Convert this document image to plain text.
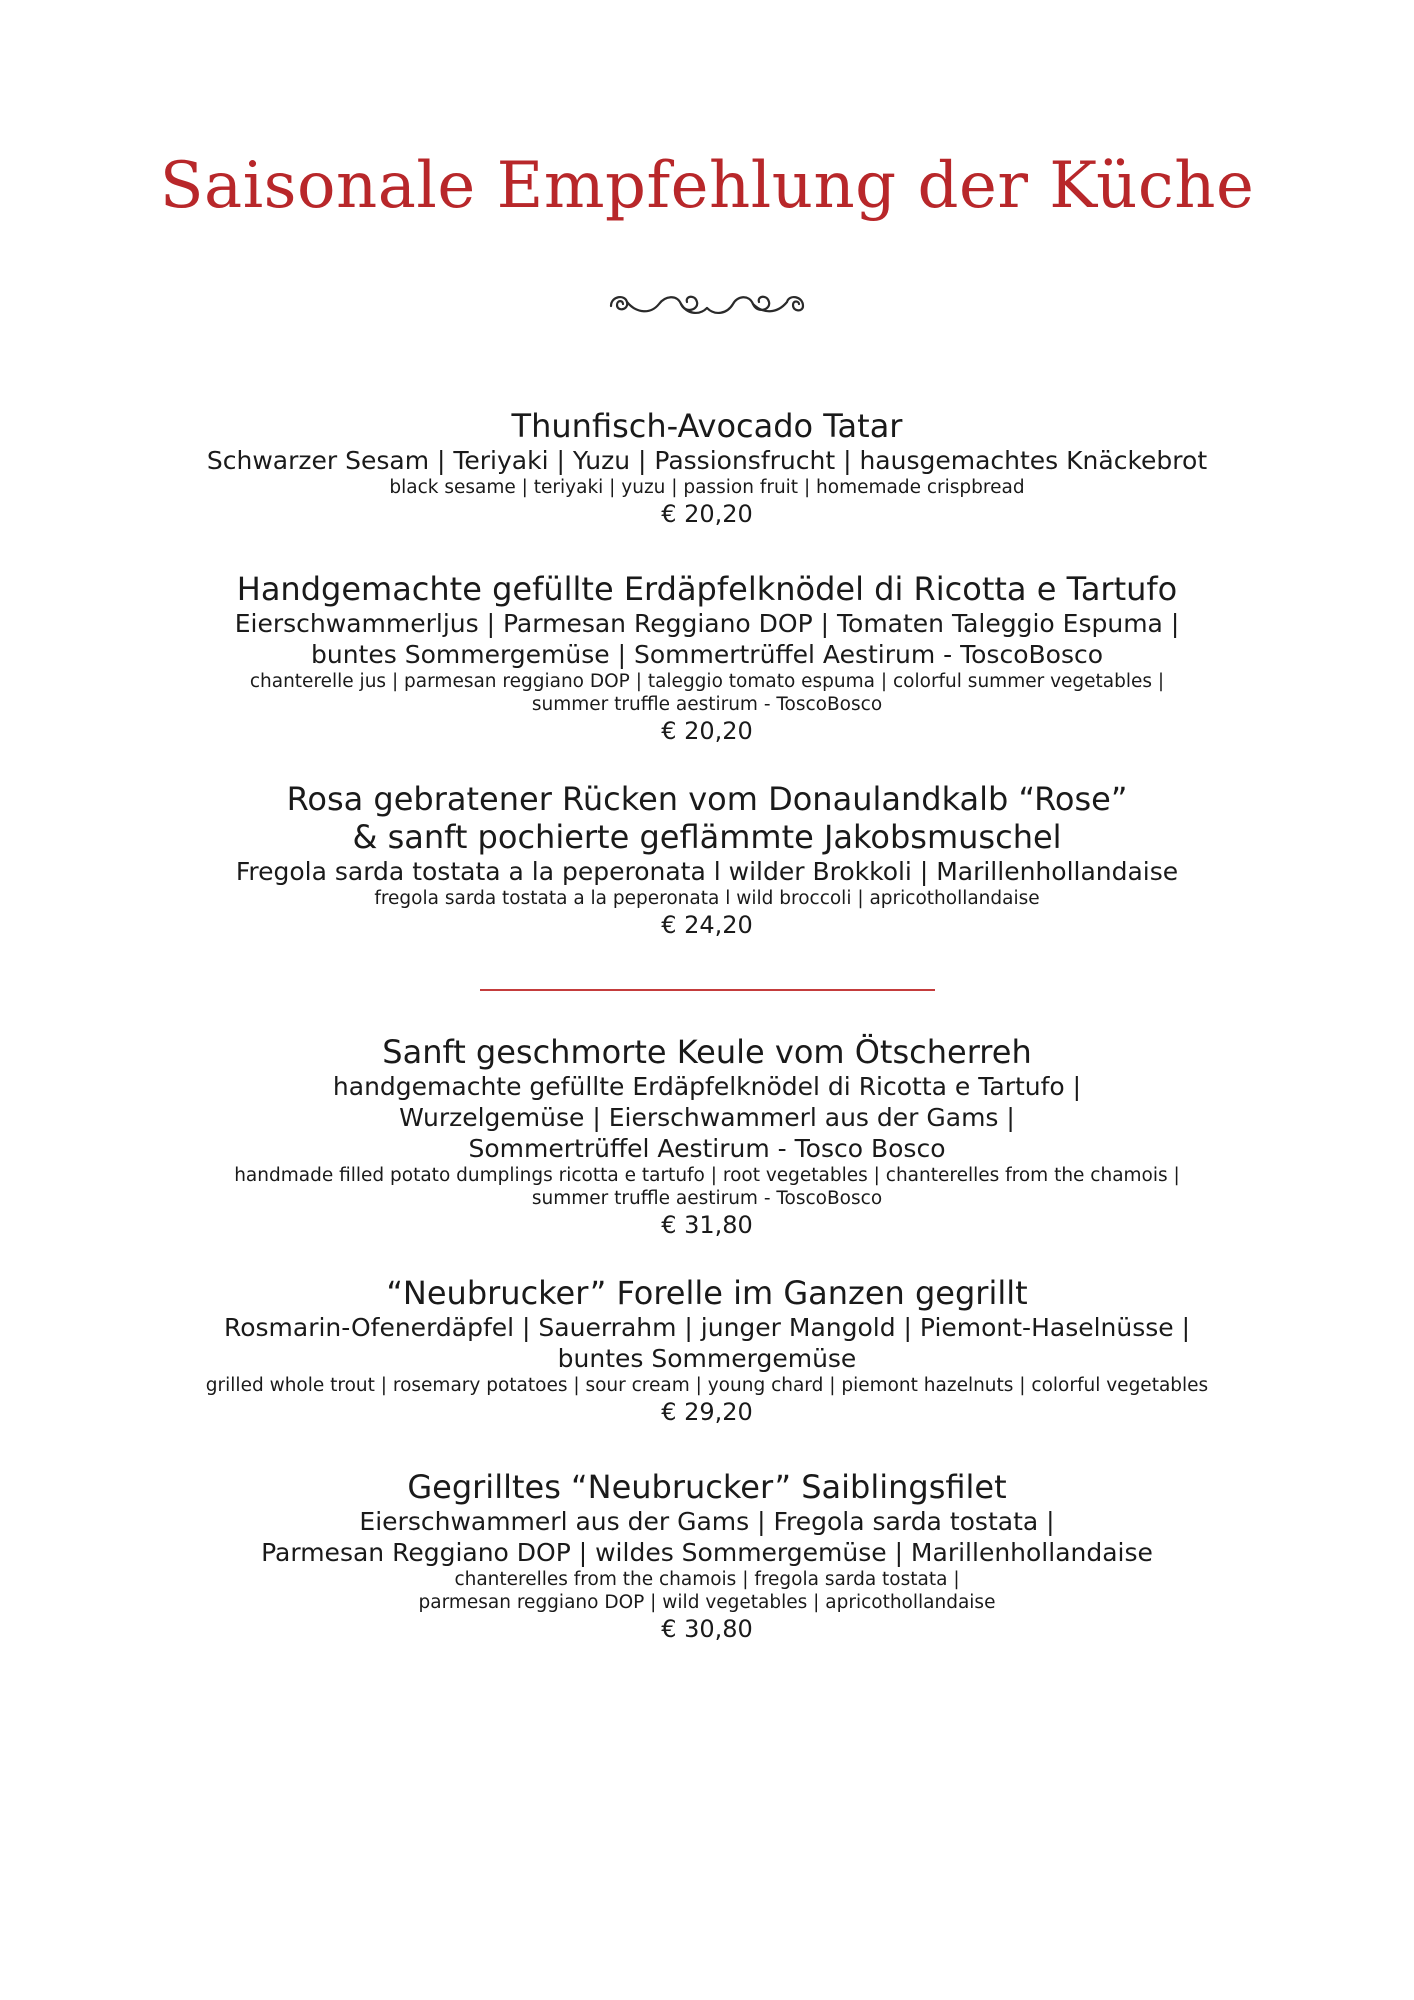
Saisonale Empfehlung der Küche
Thunfisch-Avocado Tatar
Schwarzer Sesam | Teriyaki | Yuzu | Passionsfrucht | hausgemachtes Knäckebrot
black sesame | teriyaki | yuzu | passion fruit | homemade crispbread
€ 20,20
Handgemachte gefüllte Erdäpfelknödel di Ricotta e Tartufo
Eierschwammerljus | Parmesan Reggiano DOP | Tomaten Taleggio Espuma |
buntes Sommergemüse | Sommertrüffel Aestirum - ToscoBosco
chanterelle jus | parmesan reggiano DOP | taleggio tomato espuma | colorful summer vegetables |
summer truffle aestirum - ToscoBosco
€ 20,20
Rosa gebratener Rücken vom Donaulandkalb “Rose”
& sanft pochierte geflämmte Jakobsmuschel
Fregola sarda tostata a la peperonata l wilder Brokkoli | Marillenhollandaise
fregola sarda tostata a la peperonata l wild broccoli | apricothollandaise
€ 24,20
Sanft geschmorte Keule vom Ötscherreh
handgemachte gefüllte Erdäpfelknödel di Ricotta e Tartufo |
Wurzelgemüse | Eierschwammerl aus der Gams |
Sommertrüffel Aestirum - Tosco Bosco
handmade filled potato dumplings ricotta e tartufo | root vegetables | chanterelles from the chamois |
summer truffle aestirum - ToscoBosco
€ 31,80
“Neubrucker” Forelle im Ganzen gegrillt
Rosmarin-Ofenerdäpfel | Sauerrahm | junger Mangold | Piemont-Haselnüsse |
buntes Sommergemüse
grilled whole trout | rosemary potatoes | sour cream | young chard | piemont hazelnuts | colorful vegetables
€ 29,20
Gegrilltes “Neubrucker” Saiblingsfilet
Eierschwammerl aus der Gams | Fregola sarda tostata |
Parmesan Reggiano DOP | wildes Sommergemüse | Marillenhollandaise
chanterelles from the chamois | fregola sarda tostata |
parmesan reggiano DOP | wild vegetables | apricothollandaise
€ 30,80
